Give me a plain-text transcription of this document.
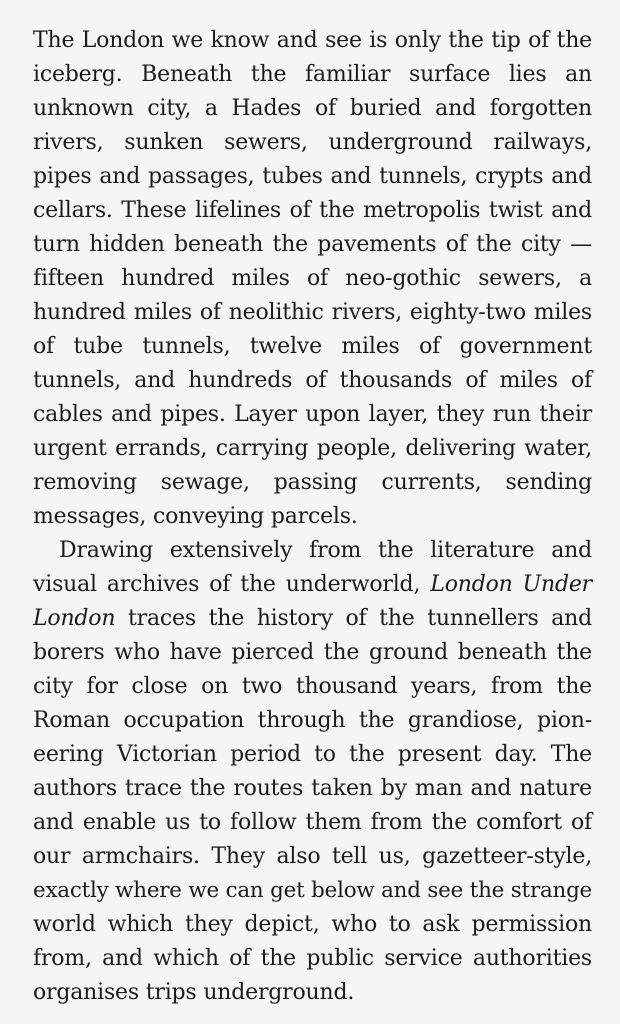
The London we know and see is only the tip of the
iceberg. Beneath the familiar surface lies an
unknown city, a Hades of buried and forgotten
rivers, sunken sewers, underground railways,
pipes and passages, tubes and tunnels, crypts and
cellars. These lifelines of the metropolis twist and
turn hidden beneath the pavements of the city —
fifteen hundred miles of neo-gothic sewers, a
hundred miles of neolithic rivers, eighty-two miles
of tube tunnels, twelve miles of government
tunnels, and hundreds of thousands of miles of
cables and pipes. Layer upon layer, they run their
urgent errands, carrying people, delivering water,
removing sewage, passing currents, sending
messages, conveying parcels.
Drawing extensively from the literature and
visual archives of the underworld, London Under
London traces the history of the tunnellers and
borers who have pierced the ground beneath the
city for close on two thousand years, from the
Roman occupation through the grandiose, pion-
eering Victorian period to the present day. The
authors trace the routes taken by man and nature
and enable us to follow them from the comfort of
our armchairs. They also tell us, gazetteer-style,
exactly where we can get below and see the strange
world which they depict, who to ask permission
from, and which of the public service authorities
organises trips underground.
